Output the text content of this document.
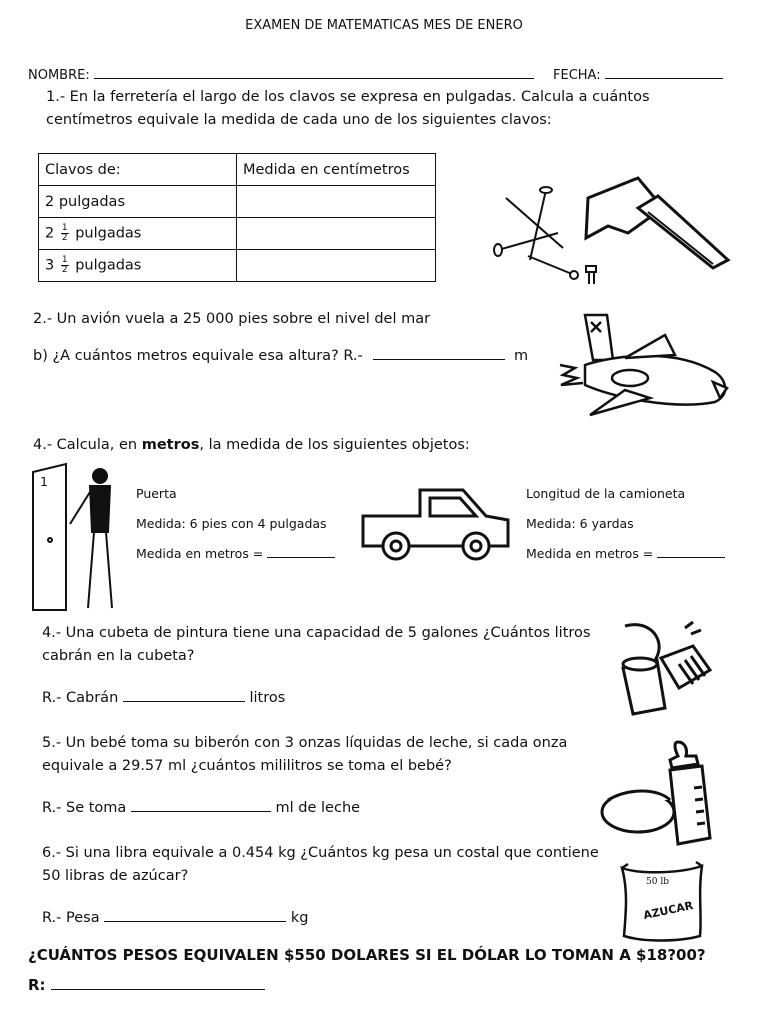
EXAMEN DE MATEMATICAS MES DE ENERO
NOMBRE:	FECHA:
1.- En la ferretería el largo de los clavos se expresa en pulgadas. Calcula a cuántos
centímetros equivale la medida de cada uno de los siguientes clavos:
Clavos de:	Medida en centímetros
2 pulgadas	
$2 \frac{1}{2}$ pulgadas	
$3 \frac{1}{2}$ pulgadas	
2.- Un avión vuela a 25 000 pies sobre el nivel del mar
b) ¿A cuántos metros equivale esa altura? R.-	m
4.- Calcula, en metros, la medida de los siguientes objetos:
1
Puerta
Medida: 6 pies con 4 pulgadas
Medida en metros =
Longitud de la camioneta
Medida: 6 yardas
Medida en metros =
4.- Una cubeta de pintura tiene una capacidad de 5 galones ¿Cuántos litros
cabrán en la cubeta?
R.- Cabrán	litros
5.- Un bebé toma su biberón con 3 onzas líquidas de leche, si cada onza
equivale a 29.57 ml ¿cuántos mililitros se toma el bebé?
R.- Se toma	ml de leche
6.- Si una libra equivale a 0.454 kg ¿Cuántos kg pesa un costal que contiene
50 libras de azúcar?
R.- Pesa	kg
50 lb
AZUCAR
¿CUÁNTOS PESOS EQUIVALEN $550 DOLARES SI EL DÓLAR LO TOMAN A $18?00?
R:
